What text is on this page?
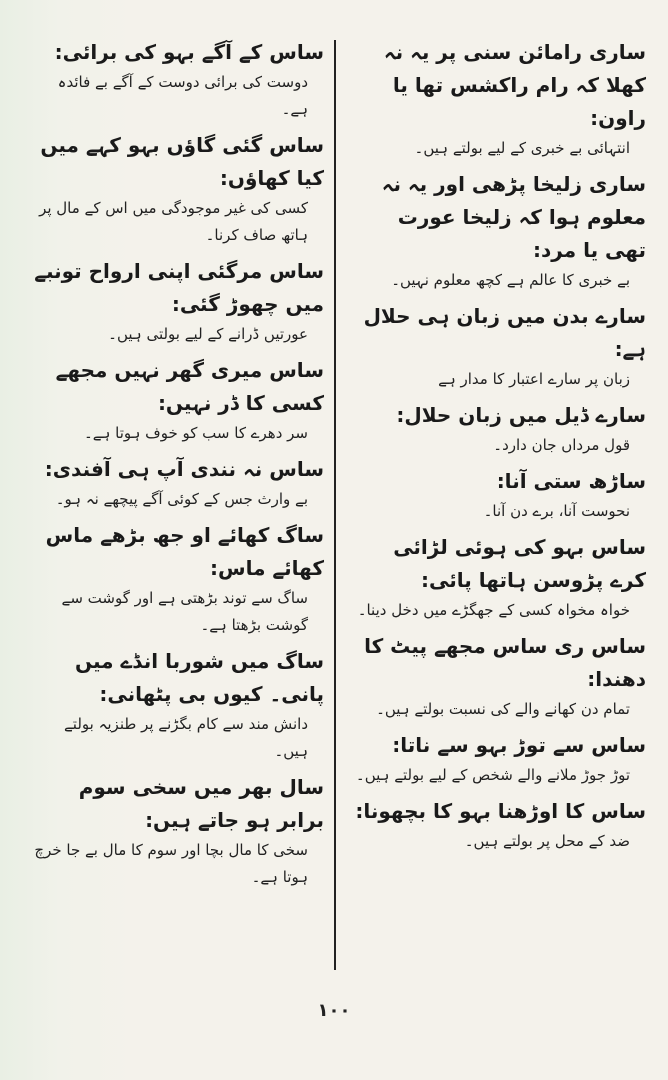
ساری رامائن سنی پر یہ نہ کھلا کہ رام راکشس تھا یا راون:

انتہائی بے خبری کے لیے بولتے ہیں۔

ساری زلیخا پڑھی اور یہ نہ معلوم ہوا کہ زلیخا عورت تھی یا مرد:

بے خبری کا عالم ہے کچھ معلوم نہیں۔

سارے بدن میں زبان ہی حلال ہے:

زبان پر سارے اعتبار کا مدار ہے

سارے ڈیل میں زبان حلال:

قول مرداں جان دارد۔

ساڑھ ستی آنا:

نحوست آنا، برے دن آنا۔

ساس بہو کی ہوئی لڑائی کرے پڑوسن ہاتھا پائی:

خواہ مخواہ کسی کے جھگڑے میں دخل دینا۔

ساس ری ساس مجھے پیٹ کا دھندا:

تمام دن کھانے والے کی نسبت بولتے ہیں۔

ساس سے توڑ بہو سے ناتا:

توڑ جوڑ ملانے والے شخص کے لیے بولتے ہیں۔

ساس کا اوڑھنا بہو کا بچھونا:

ضد کے محل پر بولتے ہیں۔

ساس کے آگے بہو کی برائی:

دوست کی برائی دوست کے آگے بے فائدہ ہے۔

ساس گئی گاؤں بہو کہے میں کیا کھاؤں:

کسی کی غیر موجودگی میں اس کے مال پر ہاتھ صاف کرنا۔

ساس مرگئی اپنی ارواح تونبے میں چھوڑ گئی:

عورتیں ڈرانے کے لیے بولتی ہیں۔

ساس میری گھر نہیں مجھے کسی کا ڈر نہیں:

سر دھرے کا سب کو خوف ہوتا ہے۔

ساس نہ نندی آپ ہی آفندی:

بے وارث جس کے کوئی آگے پیچھے نہ ہو۔

ساگ کھائے او جھ بڑھے ماس کھائے ماس:

ساگ سے توند بڑھتی ہے اور گوشت سے گوشت بڑھتا ہے۔

ساگ میں شوربا انڈے میں پانی۔ کیوں بی پٹھانی:

دانش مند سے کام بگڑنے پر طنزیہ بولتے ہیں۔

سال بھر میں سخی سوم برابر ہو جاتے ہیں:

سخی کا مال بچا اور سوم کا مال بے جا خرچ ہوتا ہے۔

۱۰۰
